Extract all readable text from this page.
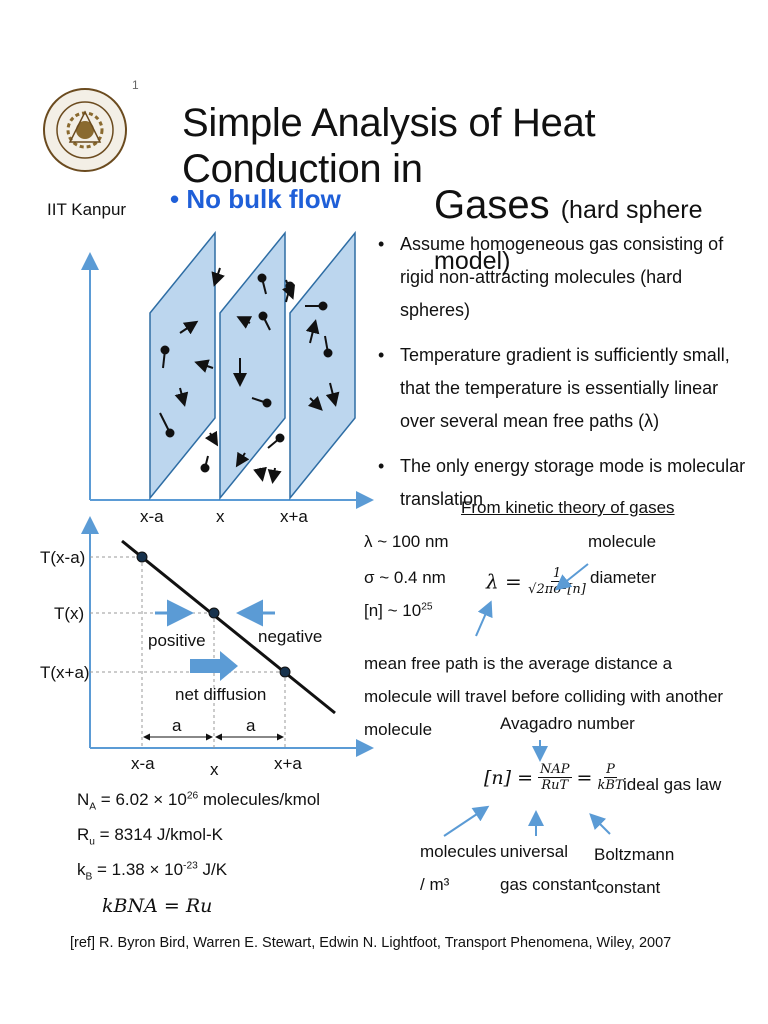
1
IIT Kanpur
Simple Analysis of Heat Conduction in
Gases (hard sphere model)
• No bulk flow
• Assume homogeneous gas consisting of rigid non-attracting molecules (hard spheres)
• Temperature gradient is sufficiently small, that the temperature is essentially linear over several mean free paths (λ)
• The only energy storage mode is molecular translation
x-a	x	x+a
T(x-a)
T(x)
T(x+a)
positive	negative
net diffusion
a	a
x-a	x	x+a
From kinetic theory of gases
λ ~ 100 nm
σ ~ 0.4 nm
[n] ~ $10^{25}$
molecule
diameter
$\lambda = \frac{1}{\text{√2πσ²[n]}}$
mean free path is the average distance a molecule will travel before colliding with another molecule	Avagadro number
$[n] = \frac{\text{NAP}}{\text{RuT}} = \frac{P}{\text{kBT}}$ ideal gas law
molecules
/ m³
universal
gas constant
Boltzmann
constant
$N_A = 6.02 \times 10^{26}$ molecules/kmol
$R_u = 8314$ J/kmol-K
$k_B = 1.38 \times 10^{-23}$ J/K
kBNA = Ru
[ref] R. Byron Bird, Warren E. Stewart, Edwin N. Lightfoot, Transport Phenomena, Wiley, 2007
